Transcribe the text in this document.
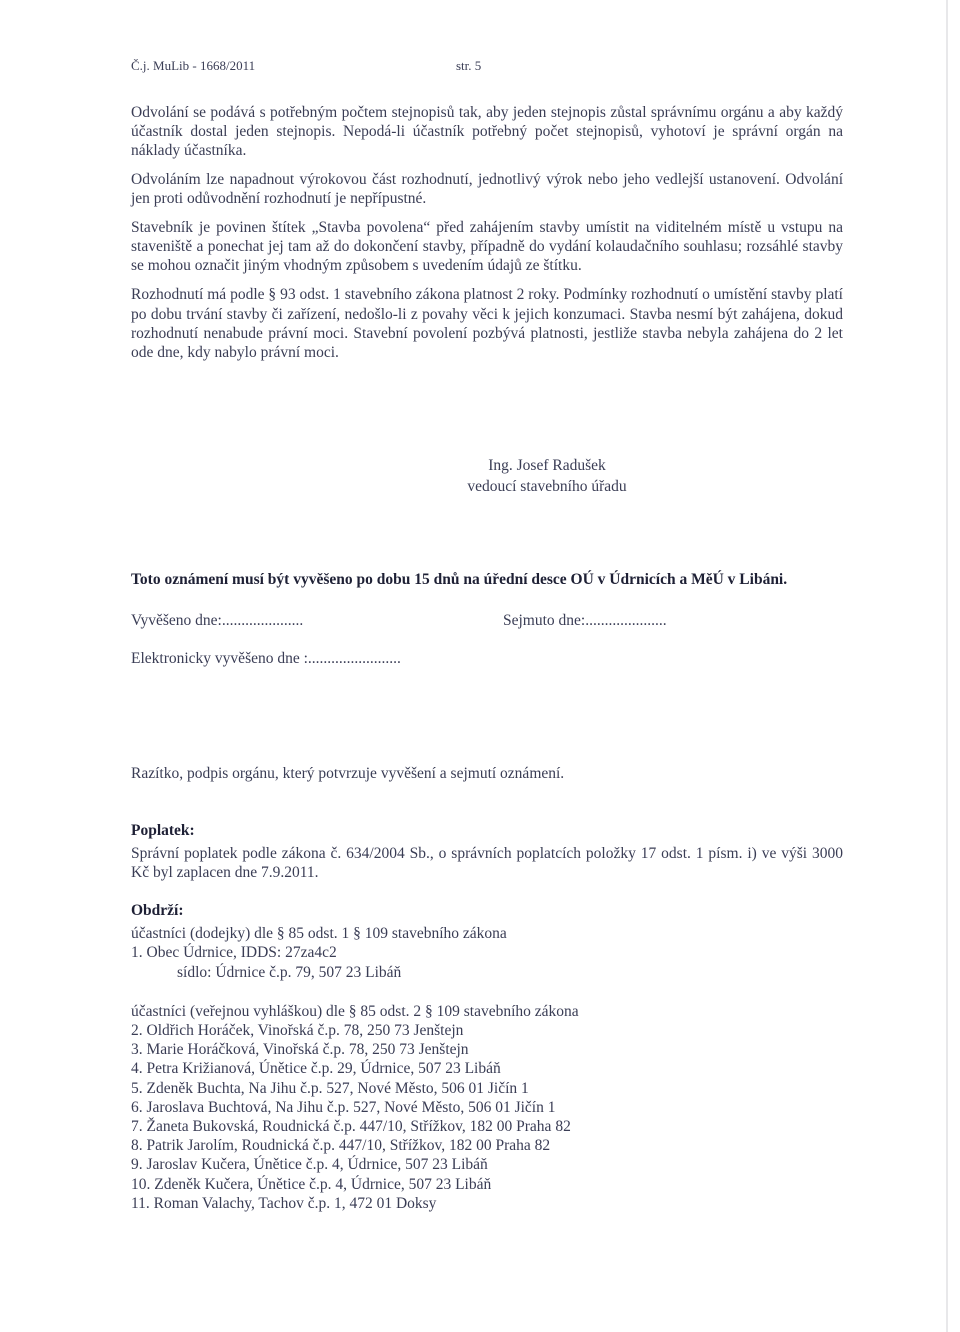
Č.j. MuLib - 1668/2011	str. 5

Odvolání se podává s potřebným počtem stejnopisů tak, aby jeden stejnopis zůstal správnímu orgánu a aby každý účastník dostal jeden stejnopis. Nepodá-li účastník potřebný počet stejnopisů, vyhotoví je správní orgán na náklady účastníka.

Odvoláním lze napadnout výrokovou část rozhodnutí, jednotlivý výrok nebo jeho vedlejší ustanovení. Odvolání jen proti odůvodnění rozhodnutí je nepřípustné.

Stavebník je povinen štítek „Stavba povolena“ před zahájením stavby umístit na viditelném místě u vstupu na staveniště a ponechat jej tam až do dokončení stavby, případně do vydání kolaudačního souhlasu; rozsáhlé stavby se mohou označit jiným vhodným způsobem s uvedením údajů ze štítku.

Rozhodnutí má podle § 93 odst. 1 stavebního zákona platnost 2 roky. Podmínky rozhodnutí o umístění stavby platí po dobu trvání stavby či zařízení, nedošlo-li z povahy věci k jejich konzumaci. Stavba nesmí být zahájena, dokud rozhodnutí nenabude právní moci. Stavební povolení pozbývá platnosti, jestliže stavba nebyla zahájena do 2 let ode dne, kdy nabylo právní moci.

Ing. Josef Radušek
vedoucí stavebního úřadu
Toto oznámení musí být vyvěšeno po dobu 15 dnů na úřední desce OÚ v Údrnicích a MěÚ v Libáni.
Vyvěšeno dne:.....................	Sejmuto dne:.....................
Elektronicky vyvěšeno dne :........................
Razítko, podpis orgánu, který potvrzuje vyvěšení a sejmutí oznámení.
Poplatek:
Správní poplatek podle zákona č. 634/2004 Sb., o správních poplatcích položky 17 odst. 1 písm. i) ve výši 3000 Kč byl zaplacen dne 7.9.2011.
Obdrží:
účastníci (dodejky) dle § 85 odst. 1 § 109 stavebního zákona
1. Obec Údrnice, IDDS: 27za4c2
sídlo: Údrnice č.p. 79, 507 23 Libáň
účastníci (veřejnou vyhláškou) dle § 85 odst. 2 § 109 stavebního zákona
2. Oldřich Horáček, Vinořská č.p. 78, 250 73 Jenštejn
3. Marie Horáčková, Vinořská č.p. 78, 250 73 Jenštejn
4. Petra Križianová, Únětice č.p. 29, Údrnice, 507 23 Libáň
5. Zdeněk Buchta, Na Jihu č.p. 527, Nové Město, 506 01 Jičín 1
6. Jaroslava Buchtová, Na Jihu č.p. 527, Nové Město, 506 01 Jičín 1
7. Žaneta Bukovská, Roudnická č.p. 447/10, Střížkov, 182 00 Praha 82
8. Patrik Jarolím, Roudnická č.p. 447/10, Střížkov, 182 00 Praha 82
9. Jaroslav Kučera, Únětice č.p. 4, Údrnice, 507 23 Libáň
10. Zdeněk Kučera, Únětice č.p. 4, Údrnice, 507 23 Libáň
11. Roman Valachy, Tachov č.p. 1, 472 01 Doksy
